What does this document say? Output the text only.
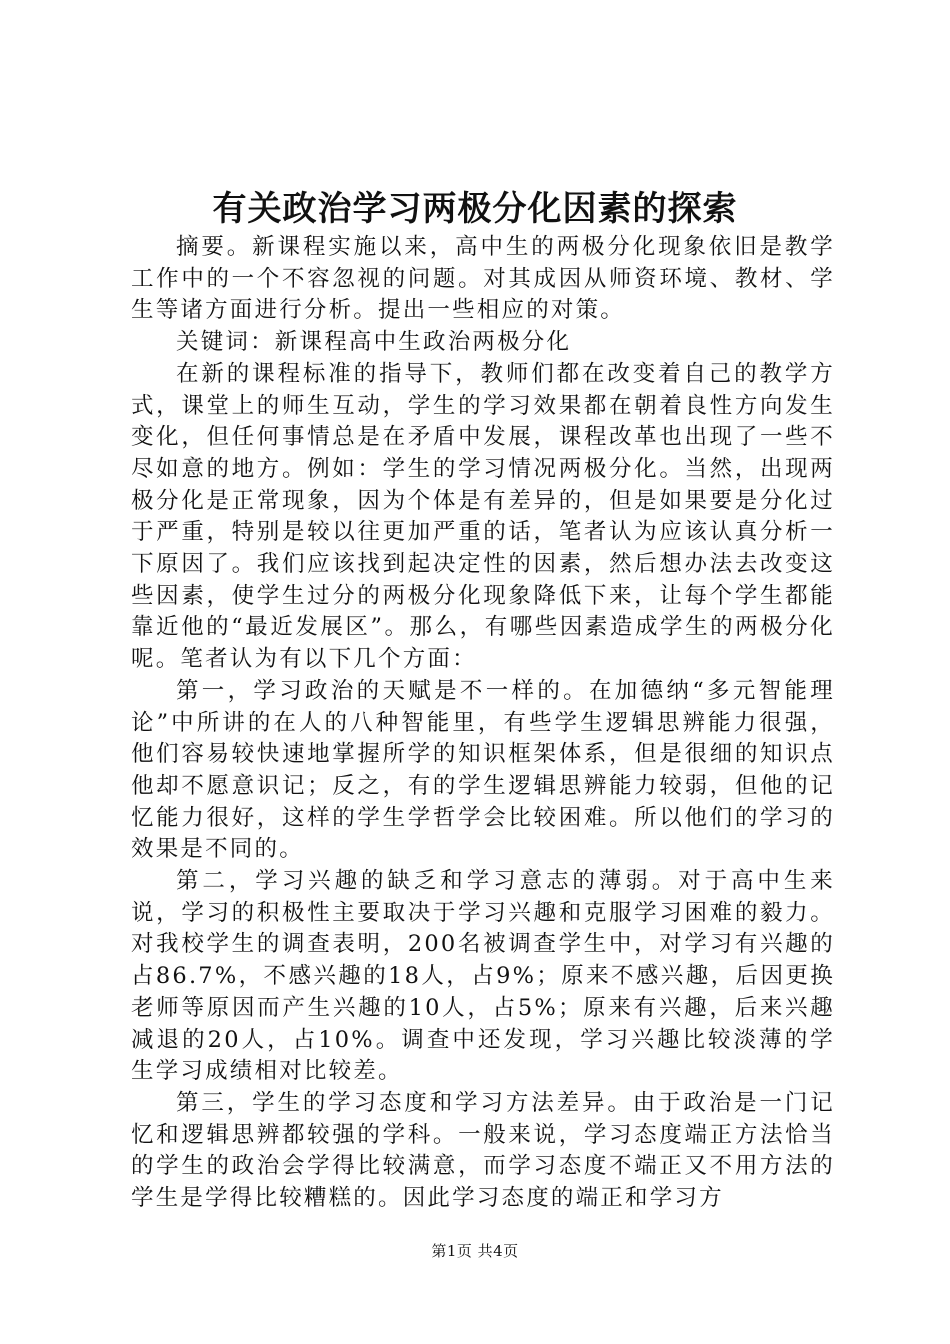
有关政治学习两极分化因素的探索

摘要。新课程实施以来，高中生的两极分化现象依旧是教学工作中的一个不容忽视的问题。对其成因从师资环境、教材、学生等诸方面进行分析。提出一些相应的对策。

关键词：新课程高中生政治两极分化

在新的课程标准的指导下，教师们都在改变着自己的教学方式，课堂上的师生互动，学生的学习效果都在朝着良性方向发生变化，但任何事情总是在矛盾中发展，课程改革也出现了一些不尽如意的地方。例如：学生的学习情况两极分化。当然，出现两极分化是正常现象，因为个体是有差异的，但是如果要是分化过于严重，特别是较以往更加严重的话，笔者认为应该认真分析一下原因了。我们应该找到起决定性的因素，然后想办法去改变这些因素，使学生过分的两极分化现象降低下来，让每个学生都能靠近他的“最近发展区”。那么，有哪些因素造成学生的两极分化呢。笔者认为有以下几个方面：

第一，学习政治的天赋是不一样的。在加德纳“多元智能理论”中所讲的在人的八种智能里，有些学生逻辑思辨能力很强，他们容易较快速地掌握所学的知识框架体系，但是很细的知识点他却不愿意识记；反之，有的学生逻辑思辨能力较弱，但他的记忆能力很好，这样的学生学哲学会比较困难。所以他们的学习的效果是不同的。

第二，学习兴趣的缺乏和学习意志的薄弱。对于高中生来说，学习的积极性主要取决于学习兴趣和克服学习困难的毅力。对我校学生的调查表明，200名被调查学生中，对学习有兴趣的占86.7%，不感兴趣的18人，占9%；原来不感兴趣，后因更换老师等原因而产生兴趣的10人，占5%；原来有兴趣，后来兴趣减退的20人，占10%。调查中还发现，学习兴趣比较淡薄的学生学习成绩相对比较差。

第三，学生的学习态度和学习方法差异。由于政治是一门记忆和逻辑思辨都较强的学科。一般来说，学习态度端正方法恰当的学生的政治会学得比较满意，而学习态度不端正又不用方法的学生是学得比较糟糕的。因此学习态度的端正和学习方

第1页 共4页
